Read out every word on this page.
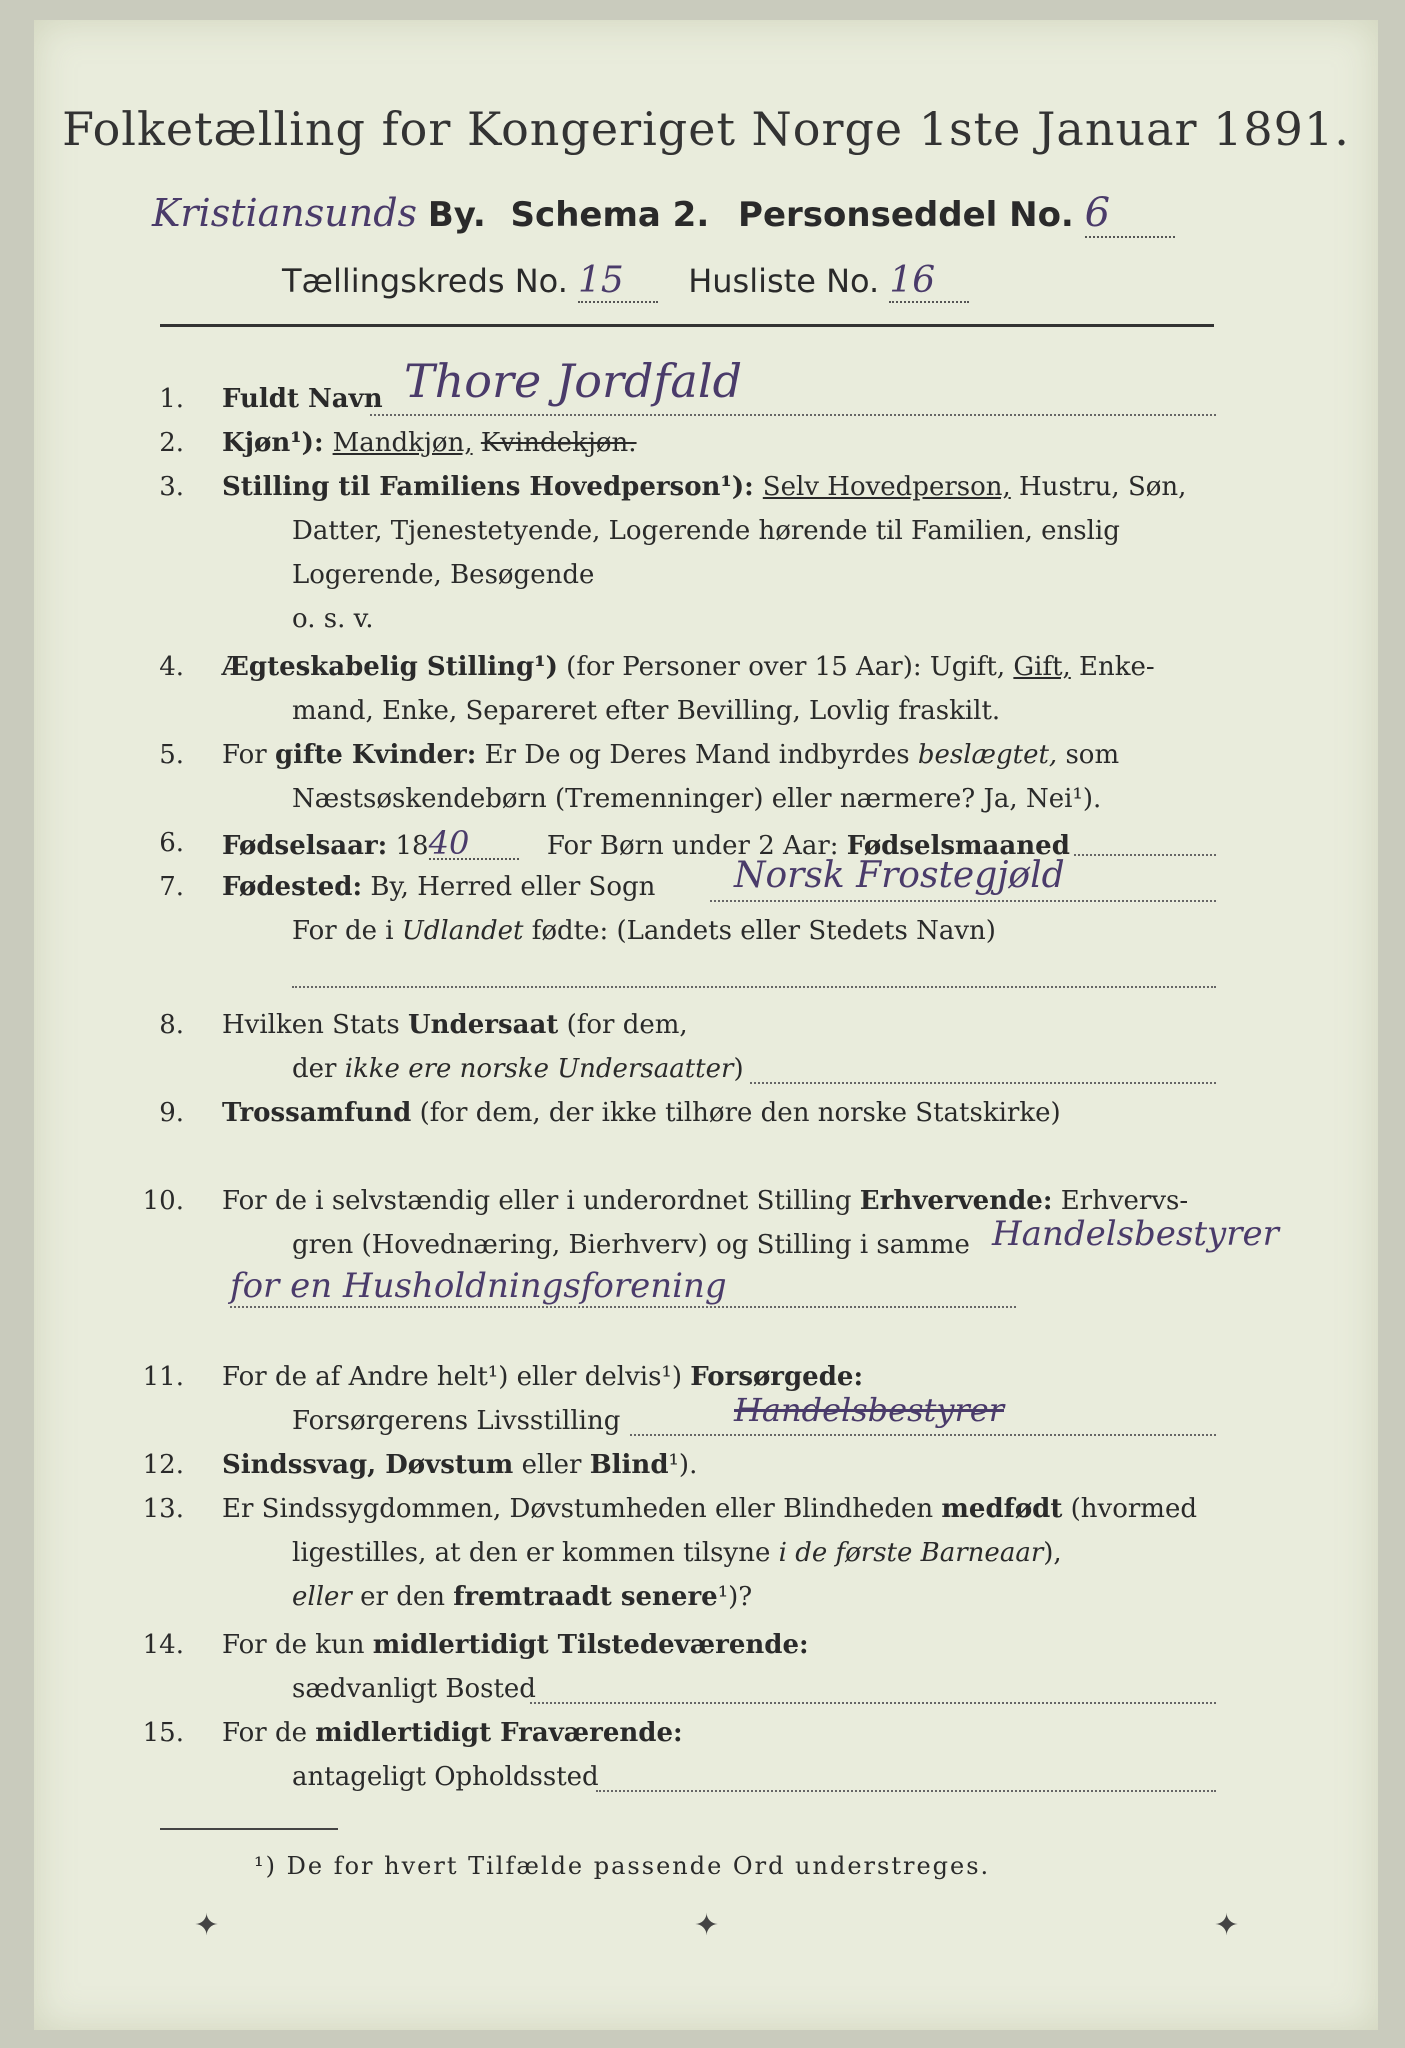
Folketælling for Kongeriget Norge 1ste Januar 1891.
Kristiansunds By. Schema 2. Personseddel No. 6
Tællingskreds No. 15 Husliste No. 16
1. Fuldt Navn Thore Jordfald
2. Kjøn¹): Mandkjøn, Kvindekjøn.
3. Stilling til Familiens Hovedperson¹): Selv Hovedperson, Hustru, Søn,
Datter, Tjenestetyende, Logerende hørende til Familien, enslig
Logerende, Besøgende
o. s. v.
4. Ægteskabelig Stilling¹) (for Personer over 15 Aar): Ugift, Gift, Enke-
mand, Enke, Separeret efter Bevilling, Lovlig fraskilt.
5. For gifte Kvinder: Er De og Deres Mand indbyrdes beslægtet, som
Næstsøskendebørn (Tremenninger) eller nærmere? Ja, Nei¹).
6. Fødselsaar: 1840	For Børn under 2 Aar: Fødselsmaaned
7. Fødested: By, Herred eller Sogn Norsk Frostegjøld
For de i Udlandet fødte: (Landets eller Stedets Navn)
8. Hvilken Stats Undersaat (for dem,
der ikke ere norske Undersaatter)
9. Trossamfund (for dem, der ikke tilhøre den norske Statskirke)
10. For de i selvstændig eller i underordnet Stilling Erhvervende: Erhvervs-
gren (Hovednæring, Bierhverv) og Stilling i samme Handelsbestyrer
for en Husholdningsforening
11. For de af Andre helt¹) eller delvis¹) Forsørgede:
Forsørgerens Livsstilling	Handelsbestyrer
12. Sindssvag, Døvstum eller Blind¹).
13. Er Sindssygdommen, Døvstumheden eller Blindheden medfødt (hvormed
ligestilles, at den er kommen tilsyne i de første Barneaar),
eller er den fremtraadt senere¹)?
14. For de kun midlertidigt Tilstedeværende:
sædvanligt Bosted
15. For de midlertidigt Fraværende:
antageligt Opholdssted
¹) De for hvert Tilfælde passende Ord understreges.
✦	✦	✦
